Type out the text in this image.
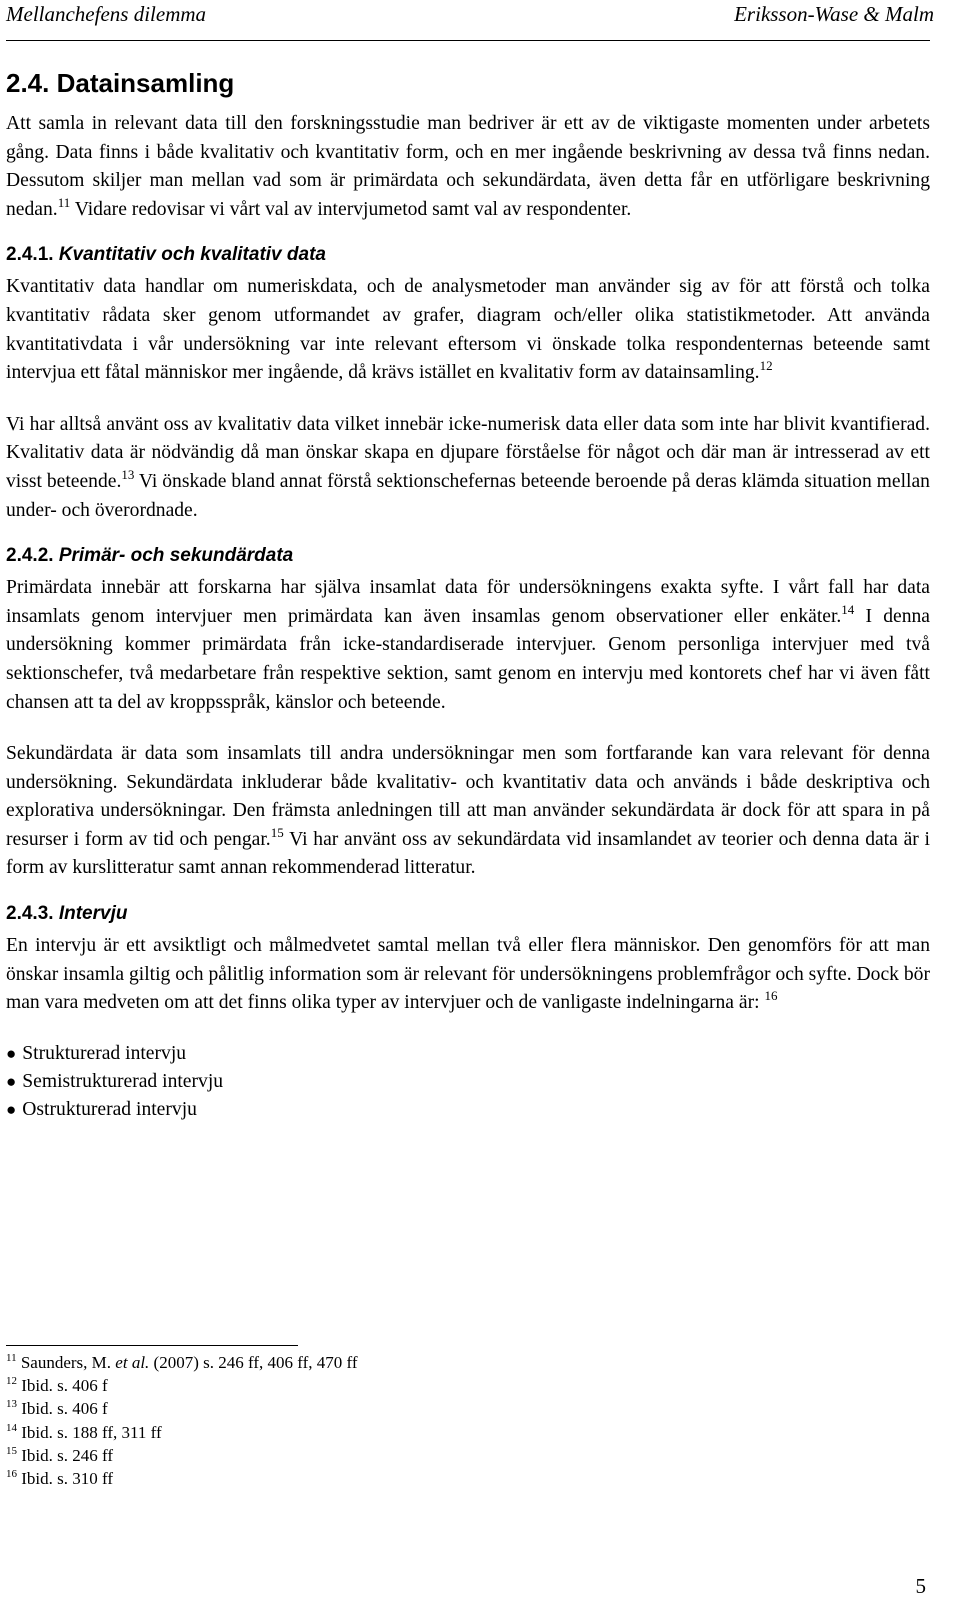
Mellanchefens dilemma	Eriksson-Wase & Malm
2.4. Datainsamling

Att samla in relevant data till den forskningsstudie man bedriver är ett av de viktigaste momenten under arbetets gång. Data finns i både kvalitativ och kvantitativ form, och en mer ingående beskrivning av dessa två finns nedan. Dessutom skiljer man mellan vad som är primärdata och sekundärdata, även detta får en utförligare beskrivning nedan.$^{11}$ Vidare redovisar vi vårt val av intervjumetod samt val av respondenter.

2.4.1. Kvantitativ och kvalitativ data

Kvantitativ data handlar om numeriskdata, och de analysmetoder man använder sig av för att förstå och tolka kvantitativ rådata sker genom utformandet av grafer, diagram och/eller olika statistikmetoder. Att använda kvantitativdata i vår undersökning var inte relevant eftersom vi önskade tolka respondenternas beteende samt intervjua ett fåtal människor mer ingående, då krävs istället en kvalitativ form av datainsamling.$^{12}$

Vi har alltså använt oss av kvalitativ data vilket innebär icke-numerisk data eller data som inte har blivit kvantifierad. Kvalitativ data är nödvändig då man önskar skapa en djupare förståelse för något och där man är intresserad av ett visst beteende.$^{13}$ Vi önskade bland annat förstå sektionschefernas beteende beroende på deras klämda situation mellan under- och överordnade.

2.4.2. Primär- och sekundärdata

Primärdata innebär att forskarna har själva insamlat data för undersökningens exakta syfte. I vårt fall har data insamlats genom intervjuer men primärdata kan även insamlas genom observationer eller enkäter.$^{14}$ I denna undersökning kommer primärdata från icke-standardiserade intervjuer. Genom personliga intervjuer med två sektionschefer, två medarbetare från respektive sektion, samt genom en intervju med kontorets chef har vi även fått chansen att ta del av kroppsspråk, känslor och beteende.

Sekundärdata är data som insamlats till andra undersökningar men som fortfarande kan vara relevant för denna undersökning. Sekundärdata inkluderar både kvalitativ- och kvantitativ data och används i både deskriptiva och explorativa undersökningar. Den främsta anledningen till att man använder sekundärdata är dock för att spara in på resurser i form av tid och pengar.$^{15}$ Vi har använt oss av sekundärdata vid insamlandet av teorier och denna data är i form av kurslitteratur samt annan rekommenderad litteratur.

2.4.3. Intervju

En intervju är ett avsiktligt och målmedvetet samtal mellan två eller flera människor. Den genomförs för att man önskar insamla giltig och pålitlig information som är relevant för undersökningens problemfrågor och syfte. Dock bör man vara medveten om att det finns olika typer av intervjuer och de vanligaste indelningarna är: $^{16}$

● Strukturerad intervju
● Semistrukturerad intervju
● Ostrukturerad intervju
$^{11}$ Saunders, M. et al. (2007) s. 246 ff, 406 ff, 470 ff
$^{12}$ Ibid. s. 406 f
$^{13}$ Ibid. s. 406 f
$^{14}$ Ibid. s. 188 ff, 311 ff
$^{15}$ Ibid. s. 246 ff
$^{16}$ Ibid. s. 310 ff
5
